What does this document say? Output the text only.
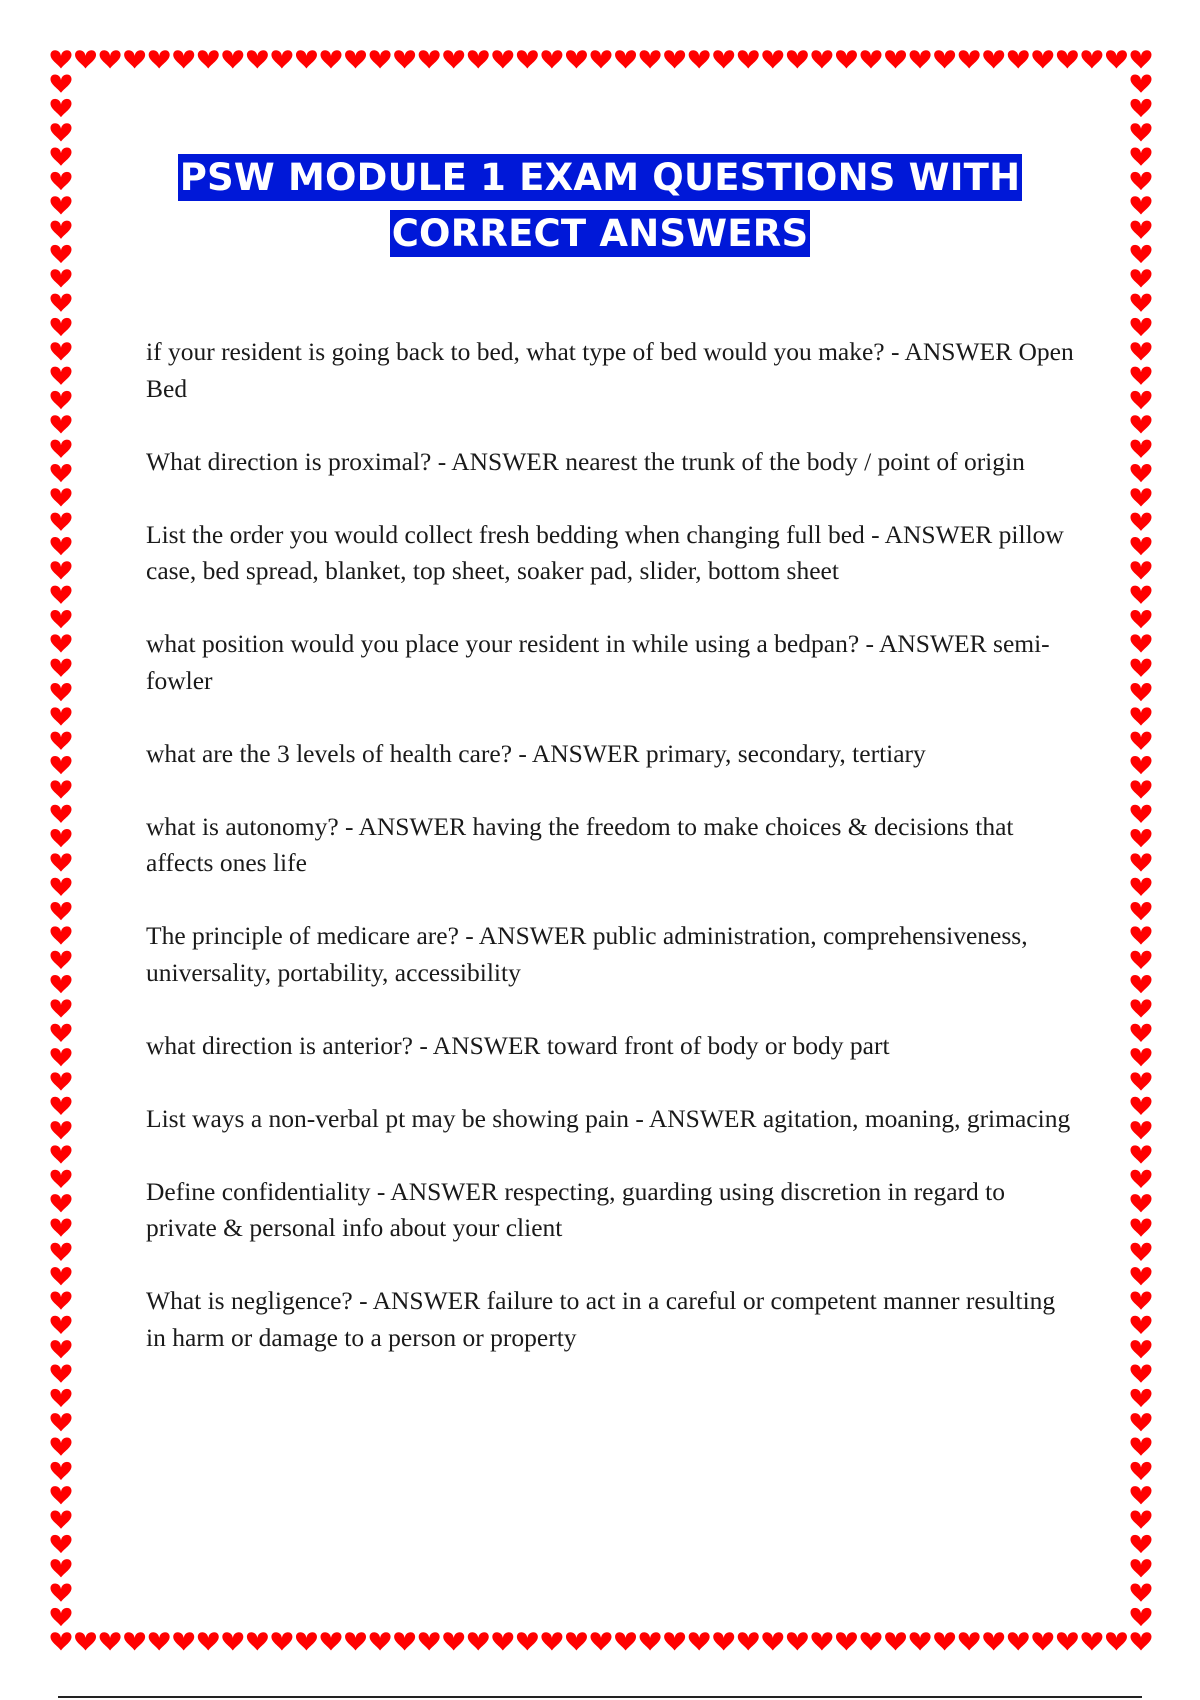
PSW MODULE 1 EXAM QUESTIONS WITH
CORRECT ANSWERS
if your resident is going back to bed, what type of bed would you make? - ANSWER Open Bed
What direction is proximal? - ANSWER nearest the trunk of the body / point of origin
List the order you would collect fresh bedding when changing full bed - ANSWER pillow case, bed spread, blanket, top sheet, soaker pad, slider, bottom sheet
what position would you place your resident in while using a bedpan? - ANSWER semi-fowler
what are the 3 levels of health care? - ANSWER primary, secondary, tertiary
what is autonomy? - ANSWER having the freedom to make choices & decisions that affects ones life
The principle of medicare are? - ANSWER public administration, comprehensiveness, universality, portability, accessibility
what direction is anterior? - ANSWER toward front of body or body part
List ways a non-verbal pt may be showing pain - ANSWER agitation, moaning, grimacing
Define confidentiality - ANSWER respecting, guarding using discretion in regard to private & personal info about your client
What is negligence? - ANSWER failure to act in a careful or competent manner resulting in harm or damage to a person or property
